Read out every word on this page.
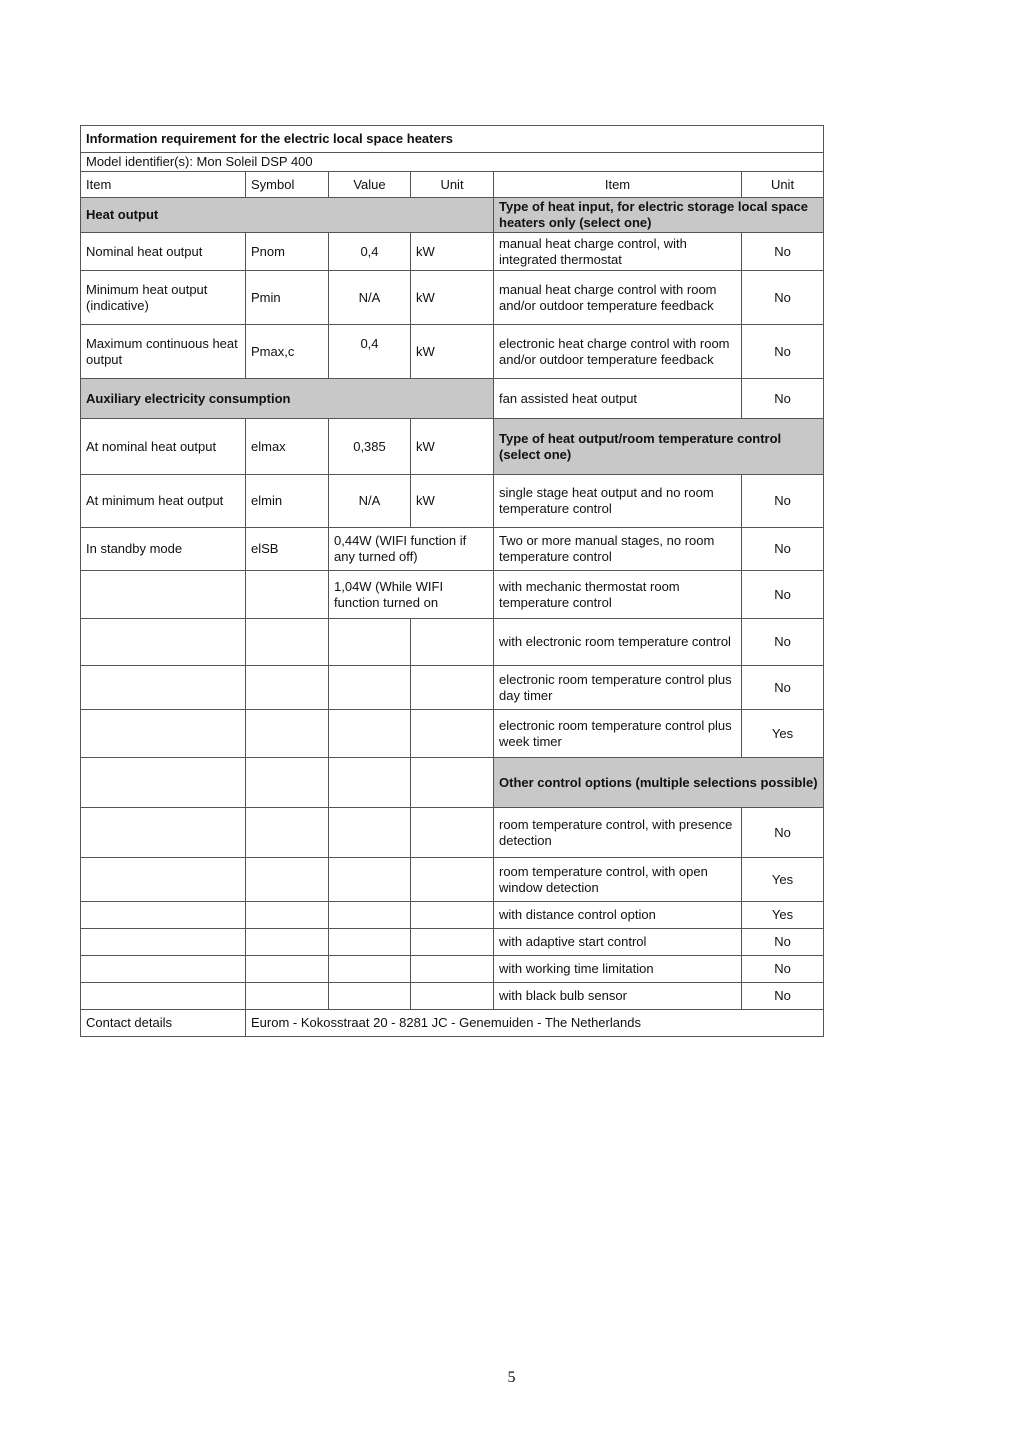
Information requirement for the electric local space heaters					
Model identifier(s): Mon Soleil DSP 400					
Item	Symbol	Value	Unit	Item	Unit
Heat output				Type of heat input, for electric storage local space heaters only (select one)	
Nominal heat output	Pnom	0,4	kW	manual heat charge control, with integrated thermostat	No
Minimum heat output (indicative)	Pmin	N/A	kW	manual heat charge control with room and/or outdoor temperature feedback	No
Maximum continuous heat output	Pmax,c	0,4	kW	electronic heat charge control with room and/or outdoor temperature feedback	No
Auxiliary electricity consumption				fan assisted heat output	No
At nominal heat output	elmax	0,385	kW	Type of heat output/room temperature control (select one)	
At minimum heat output	elmin	N/A	kW	single stage heat output and no room temperature control	No
In standby mode	elSB	0,44W (WIFI function if any turned off)		Two or more manual stages, no room temperature control	No
		1,04W (While WIFI function turned on		with mechanic thermostat room temperature control	No
				with electronic room temperature control	No
				electronic room temperature control plus day timer	No
				electronic room temperature control plus week timer	Yes
				Other control options (multiple selections possible)	
				room temperature control, with presence detection	No
				room temperature control, with open window detection	Yes
				with distance control option	Yes
				with adaptive start control	No
				with working time limitation	No
				with black bulb sensor	No
Contact details	Eurom - Kokosstraat 20 - 8281 JC - Genemuiden - The Netherlands				
5
